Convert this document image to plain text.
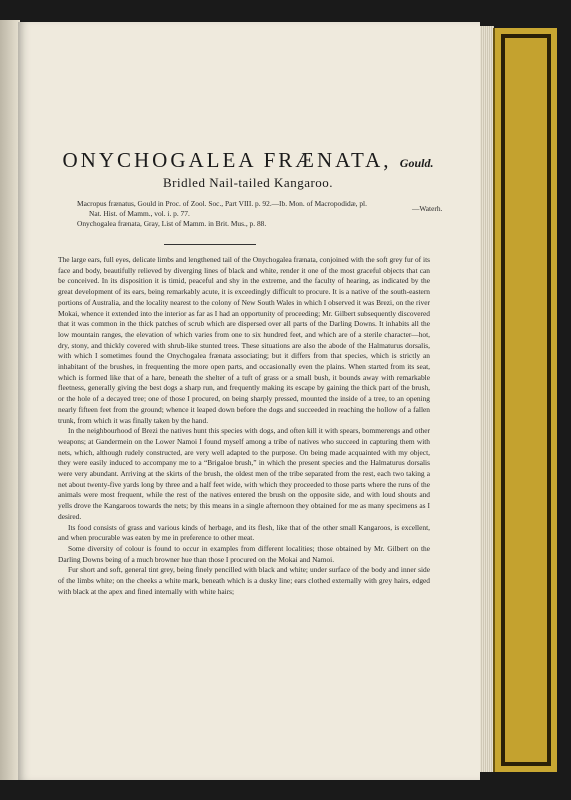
ONYCHOGALEA FRÆNATA, Gould.
Bridled Nail-tailed Kangaroo.
Macropus frænatus, Gould in Proc. of Zool. Soc., Part VIII. p. 92.—Ib. Mon. of Macropodidæ, pl.
Nat. Hist. of Mamm., vol. i. p. 77.
Onychogalea frænata, Gray, List of Mamm. in Brit. Mus., p. 88.
—Waterh.

The large ears, full eyes, delicate limbs and lengthened tail of the Onychogalea frænata, conjoined with the soft grey fur of its face and body, beautifully relieved by diverging lines of black and white, render it one of the most graceful objects that can be conceived. In its disposition it is timid, peaceful and shy in the extreme, and the faculty of hearing, as indicated by the great development of its ears, being remarkably acute, it is exceedingly difficult to procure. It is a native of the south-eastern portions of Australia, and the locality nearest to the colony of New South Wales in which I observed it was Brezi, on the river Mokai, whence it extended into the interior as far as I had an opportunity of proceeding; Mr. Gilbert subsequently discovered that it was common in the thick patches of scrub which are dispersed over all parts of the Darling Downs. It inhabits all the low mountain ranges, the elevation of which varies from one to six hundred feet, and which are of a sterile character—hot, dry, stony, and thickly covered with shrub-like stunted trees. These situations are also the abode of the Halmaturus dorsalis, with which I sometimes found the Onychogalea frænata associating; but it differs from that species, which is strictly an inhabitant of the brushes, in frequenting the more open parts, and occasionally even the plains. When started from its seat, which is formed like that of a hare, beneath the shelter of a tuft of grass or a small bush, it bounds away with remarkable fleetness, generally giving the best dogs a sharp run, and frequently making its escape by gaining the thick part of the brush, or the hole of a decayed tree; one of those I procured, on being sharply pressed, mounted the inside of a tree, to an opening nearly fifteen feet from the ground; whence it leaped down before the dogs and succeeded in reaching the hollow of a fallen trunk, from which it was finally taken by the hand.

In the neighbourhood of Brezi the natives hunt this species with dogs, and often kill it with spears, bommerengs and other weapons; at Gandermein on the Lower Namoi I found myself among a tribe of natives who succeed in capturing them with nets, which, although rudely constructed, are very well adapted to the purpose. On being made acquainted with my object, they were easily induced to accompany me to a “Brigaloe brush,” in which the present species and the Halmaturus dorsalis were very abundant. Arriving at the skirts of the brush, the oldest men of the tribe separated from the rest, each two taking a net about twenty-five yards long by three and a half feet wide, with which they proceeded to those parts where the runs of the animals were most frequent, while the rest of the natives entered the brush on the opposite side, and with loud shouts and yells drove the Kangaroos towards the nets; by this means in a single afternoon they obtained for me as many specimens as I desired.

Its food consists of grass and various kinds of herbage, and its flesh, like that of the other small Kangaroos, is excellent, and when procurable was eaten by me in preference to other meat.

Some diversity of colour is found to occur in examples from different localities; those obtained by Mr. Gilbert on the Darling Downs being of a much browner hue than those I procured on the Mokai and Namoi.

Fur short and soft, general tint grey, being finely pencilled with black and white; under surface of the body and inner side of the limbs white; on the cheeks a white mark, beneath which is a dusky line; ears clothed externally with grey hairs, edged with black at the apex and fined internally with white hairs;
